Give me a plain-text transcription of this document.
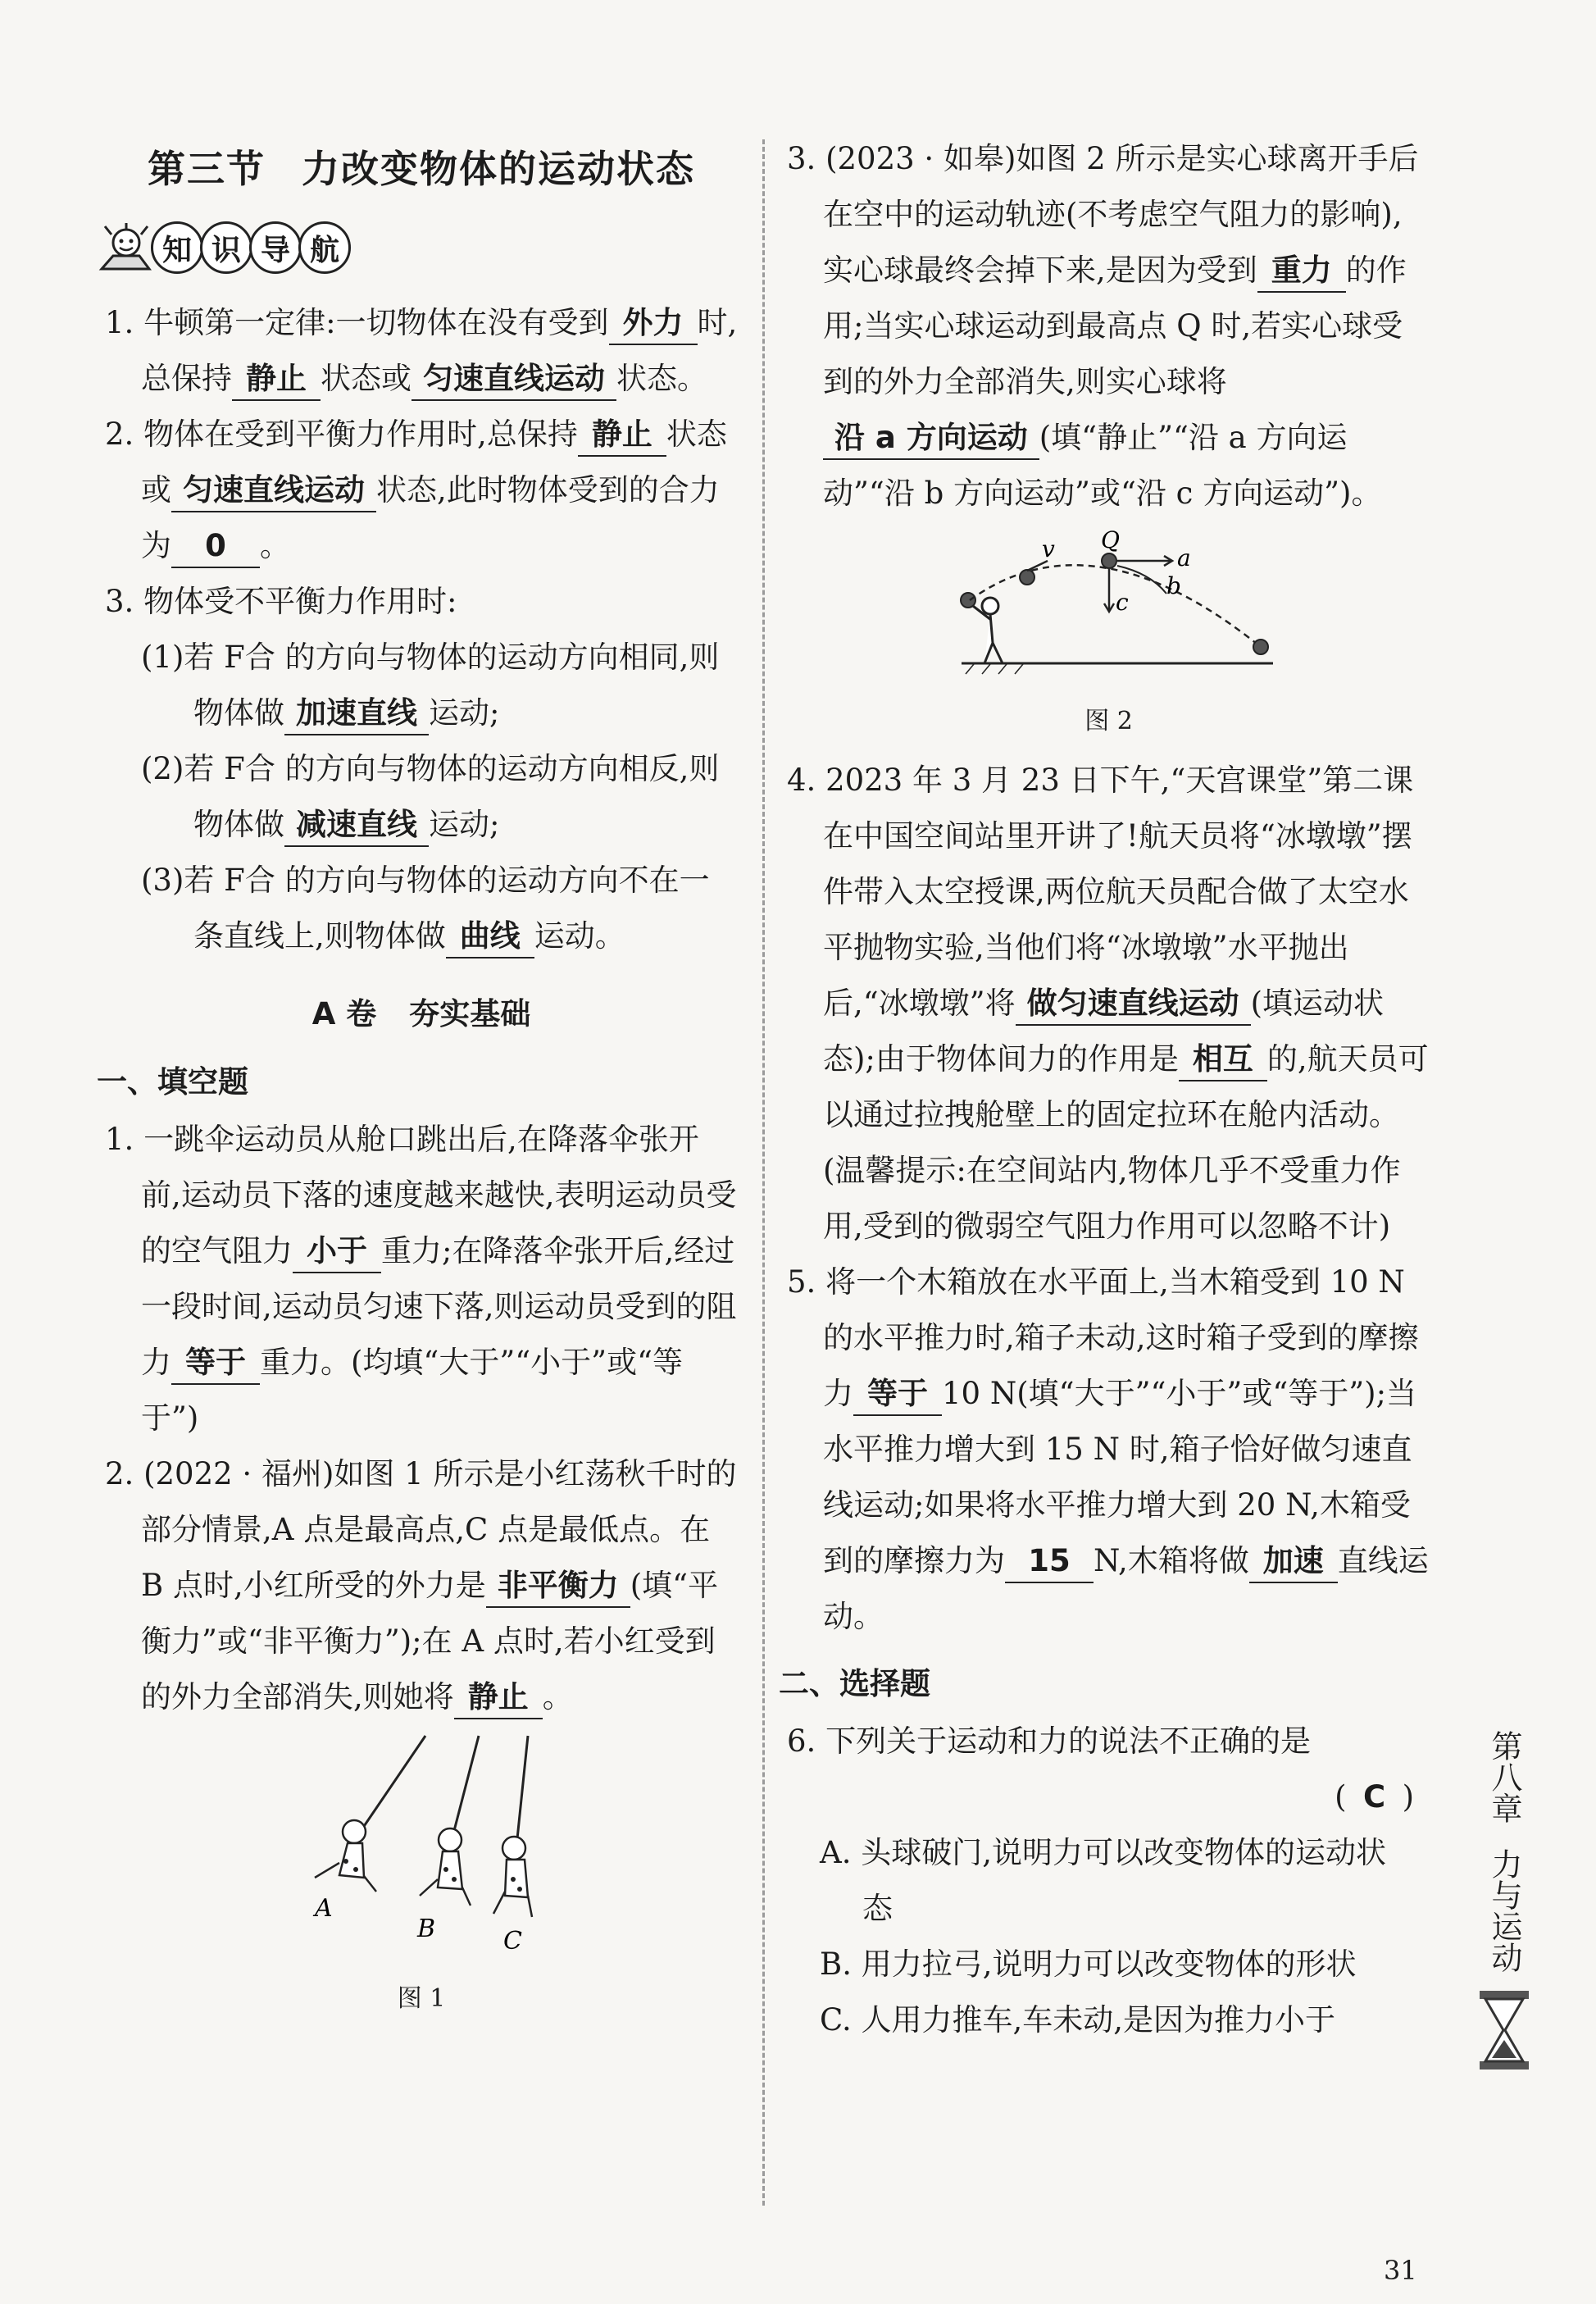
第三节 力改变物体的运动状态
知 识 导 航

1. 牛顿第一定律:一切物体在没有受到 外力 时,总保持 静止 状态或 匀速直线运动 状态。

2. 物体在受到平衡力作用时,总保持 静止 状态或 匀速直线运动 状态,此时物体受到的合力为 0 。

3. 物体受不平衡力作用时:

(1)若 F合 的方向与物体的运动方向相同,则物体做 加速直线 运动;

(2)若 F合 的方向与物体的运动方向相反,则物体做 减速直线 运动;

(3)若 F合 的方向与物体的运动方向不在一条直线上,则物体做 曲线 运动。

A 卷 夯实基础
一、填空题

1. 一跳伞运动员从舱口跳出后,在降落伞张开前,运动员下落的速度越来越快,表明运动员受的空气阻力 小于 重力;在降落伞张开后,经过一段时间,运动员匀速下落,则运动员受到的阻力 等于 重力。(均填“大于”“小于”或“等于”)

2. (2022 · 福州)如图 1 所示是小红荡秋千时的部分情景,A 点是最高点,C 点是最低点。在 B 点时,小红所受的外力是 非平衡力 (填“平衡力”或“非平衡力”);在 A 点时,若小红受到的外力全部消失,则她将 静止 。

A
B	C
图 1

3. (2023 · 如皋)如图 2 所示是实心球离开手后在空中的运动轨迹(不考虑空气阻力的影响),实心球最终会掉下来,是因为受到 重力 的作用;当实心球运动到最高点 Q 时,若实心球受到的外力全部消失,则实心球将沿 a 方向运动 (填“静止”“沿 a 方向运动”“沿 b 方向运动”或“沿 c 方向运动”)。

v Q
a
b
c
图 2

4. 2023 年 3 月 23 日下午,“天宫课堂”第二课在中国空间站里开讲了!航天员将“冰墩墩”摆件带入太空授课,两位航天员配合做了太空水平抛物实验,当他们将“冰墩墩”水平抛出后,“冰墩墩”将 做匀速直线运动 (填运动状态);由于物体间力的作用是 相互 的,航天员可以通过拉拽舱壁上的固定拉环在舱内活动。(温馨提示:在空间站内,物体几乎不受重力作用,受到的微弱空气阻力作用可以忽略不计)

5. 将一个木箱放在水平面上,当木箱受到 10 N 的水平推力时,箱子未动,这时箱子受到的摩擦力 等于 10 N(填“大于”“小于”或“等于”);当水平推力增大到 15 N 时,箱子恰好做匀速直线运动;如果将水平推力增大到 20 N,木箱受到的摩擦力为 15 N,木箱将做 加速 直线运动。

二、选择题

6. 下列关于运动和力的说法不正确的是

( C )

A. 头球破门,说明力可以改变物体的运动状态

B. 用力拉弓,说明力可以改变物体的形状

C. 人用力推车,车未动,是因为推力小于

第八章
力与运动
31
